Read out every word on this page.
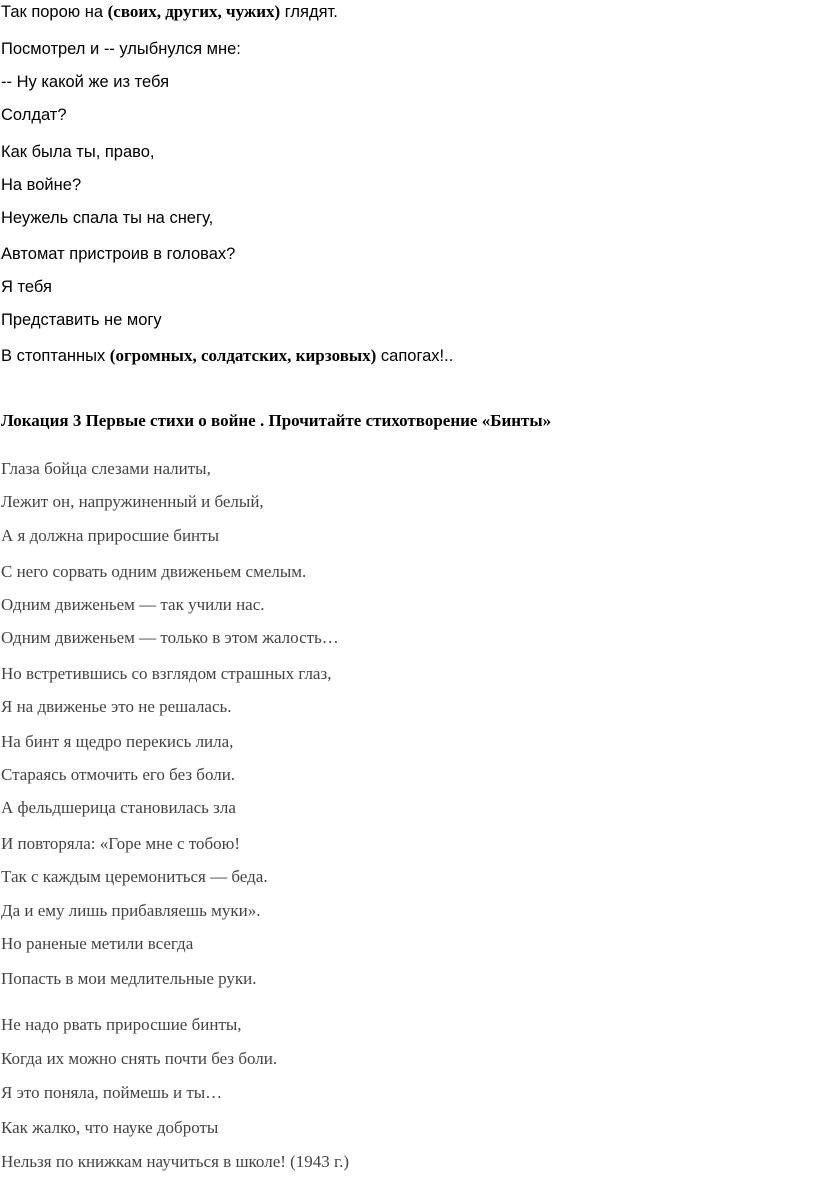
Так порою на (своих, других, чужих) глядят.

Посмотрел и -- улыбнулся мне:

-- Ну какой же из тебя

Солдат?

Как была ты, право,

На войне?

Неужель спала ты на снегу,

Автомат пристроив в головах?

Я тебя

Представить не могу

В стоптанных (огромных, солдатских, кирзовых) сапогах!..

Локация 3 Первые стихи о войне . Прочитайте стихотворение «Бинты»

Глаза бойца слезами налиты,

Лежит он, напружиненный и белый,

А я должна приросшие бинты

С него сорвать одним движеньем смелым.

Одним движеньем — так учили нас.

Одним движеньем — только в этом жалость…

Но встретившись со взглядом страшных глаз,

Я на движенье это не решалась.

На бинт я щедро перекись лила,

Стараясь отмочить его без боли.

А фельдшерица становилась зла

И повторяла: «Горе мне с тобою!

Так с каждым церемониться — беда.

Да и ему лишь прибавляешь муки».

Но раненые метили всегда

Попасть в мои медлительные руки.

Не надо рвать приросшие бинты,

Когда их можно снять почти без боли.

Я это поняла, поймешь и ты…

Как жалко, что науке доброты

Нельзя по книжкам научиться в школе! (1943 г.)
